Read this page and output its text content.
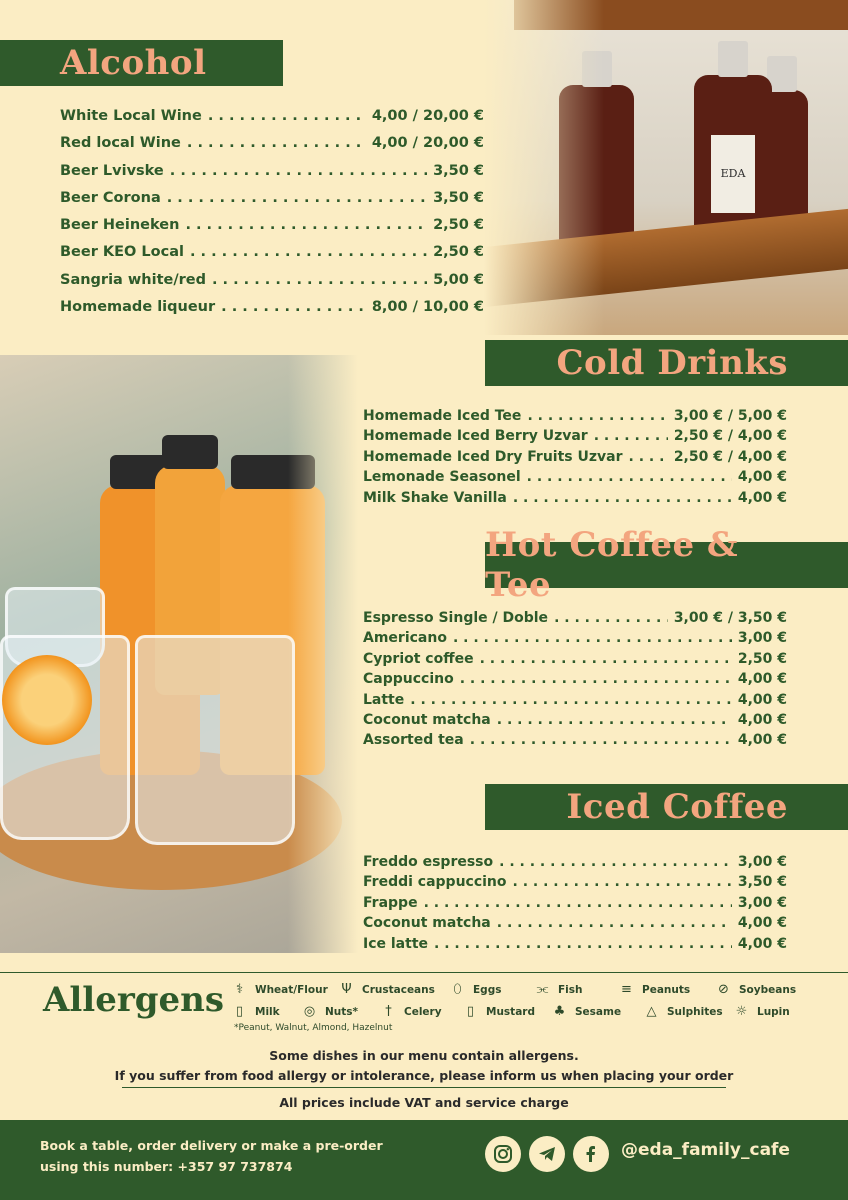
EDA
Alcohol
White Local Wine . . .	4,00 / 20,00 €
Red local Wine . . .	4,00 / 20,00 €
Beer Lvivske . . .	3,50 €
Beer Corona . . .	3,50 €
Beer Heineken . . .	2,50 €
Beer KEO Local . . .	2,50 €
Sangria white/red . . .	5,00 €
Homemade liqueur . . .	8,00 / 10,00 €
Cold Drinks
Homemade Iced Tee . . .	3,00 € / 5,00 €
Homemade Iced Berry Uzvar . . .	2,50 € / 4,00 €
Homemade Iced Dry Fruits Uzvar . . .	2,50 € / 4,00 €
Lemonade Seasonel . . .	4,00 €
Milk Shake Vanilla . . .	4,00 €
Hot Coffee & Tee
Espresso Single / Doble . . .	3,00 € / 3,50 €
Americano . . .	3,00 €
Cypriot coffee . . .	2,50 €
Cappuccino . . .	4,00 €
Latte . . .	4,00 €
Coconut matcha . . .	4,00 €
Assorted tea . . .	4,00 €
Iced Coffee
Freddo espresso . . .	3,00 €
Freddi cappuccino . . .	3,50 €
Frappe . . .	3,00 €
Coconut matcha . . .	4,00 €
Ice latte . . .	4,00 €
Allergens ⚕ Wheat/Flour Ψ Crustaceans ⬯ Eggs	⫘ Fish	≡ Peanuts ⊘ Soybeans
▯ Milk ◎ Nuts* †	Celery ▯ Mustard ♣ Sesame △ Sulphites ☼ Lupin
*Peanut, Walnut, Almond, Hazelnut
Some dishes in our menu contain allergens.
If you suffer from food allergy or intolerance, please inform us when placing your order
All prices include VAT and service charge
Book a table, order delivery or make a pre-order
using this number: +357 97 737874
@eda_family_cafe
